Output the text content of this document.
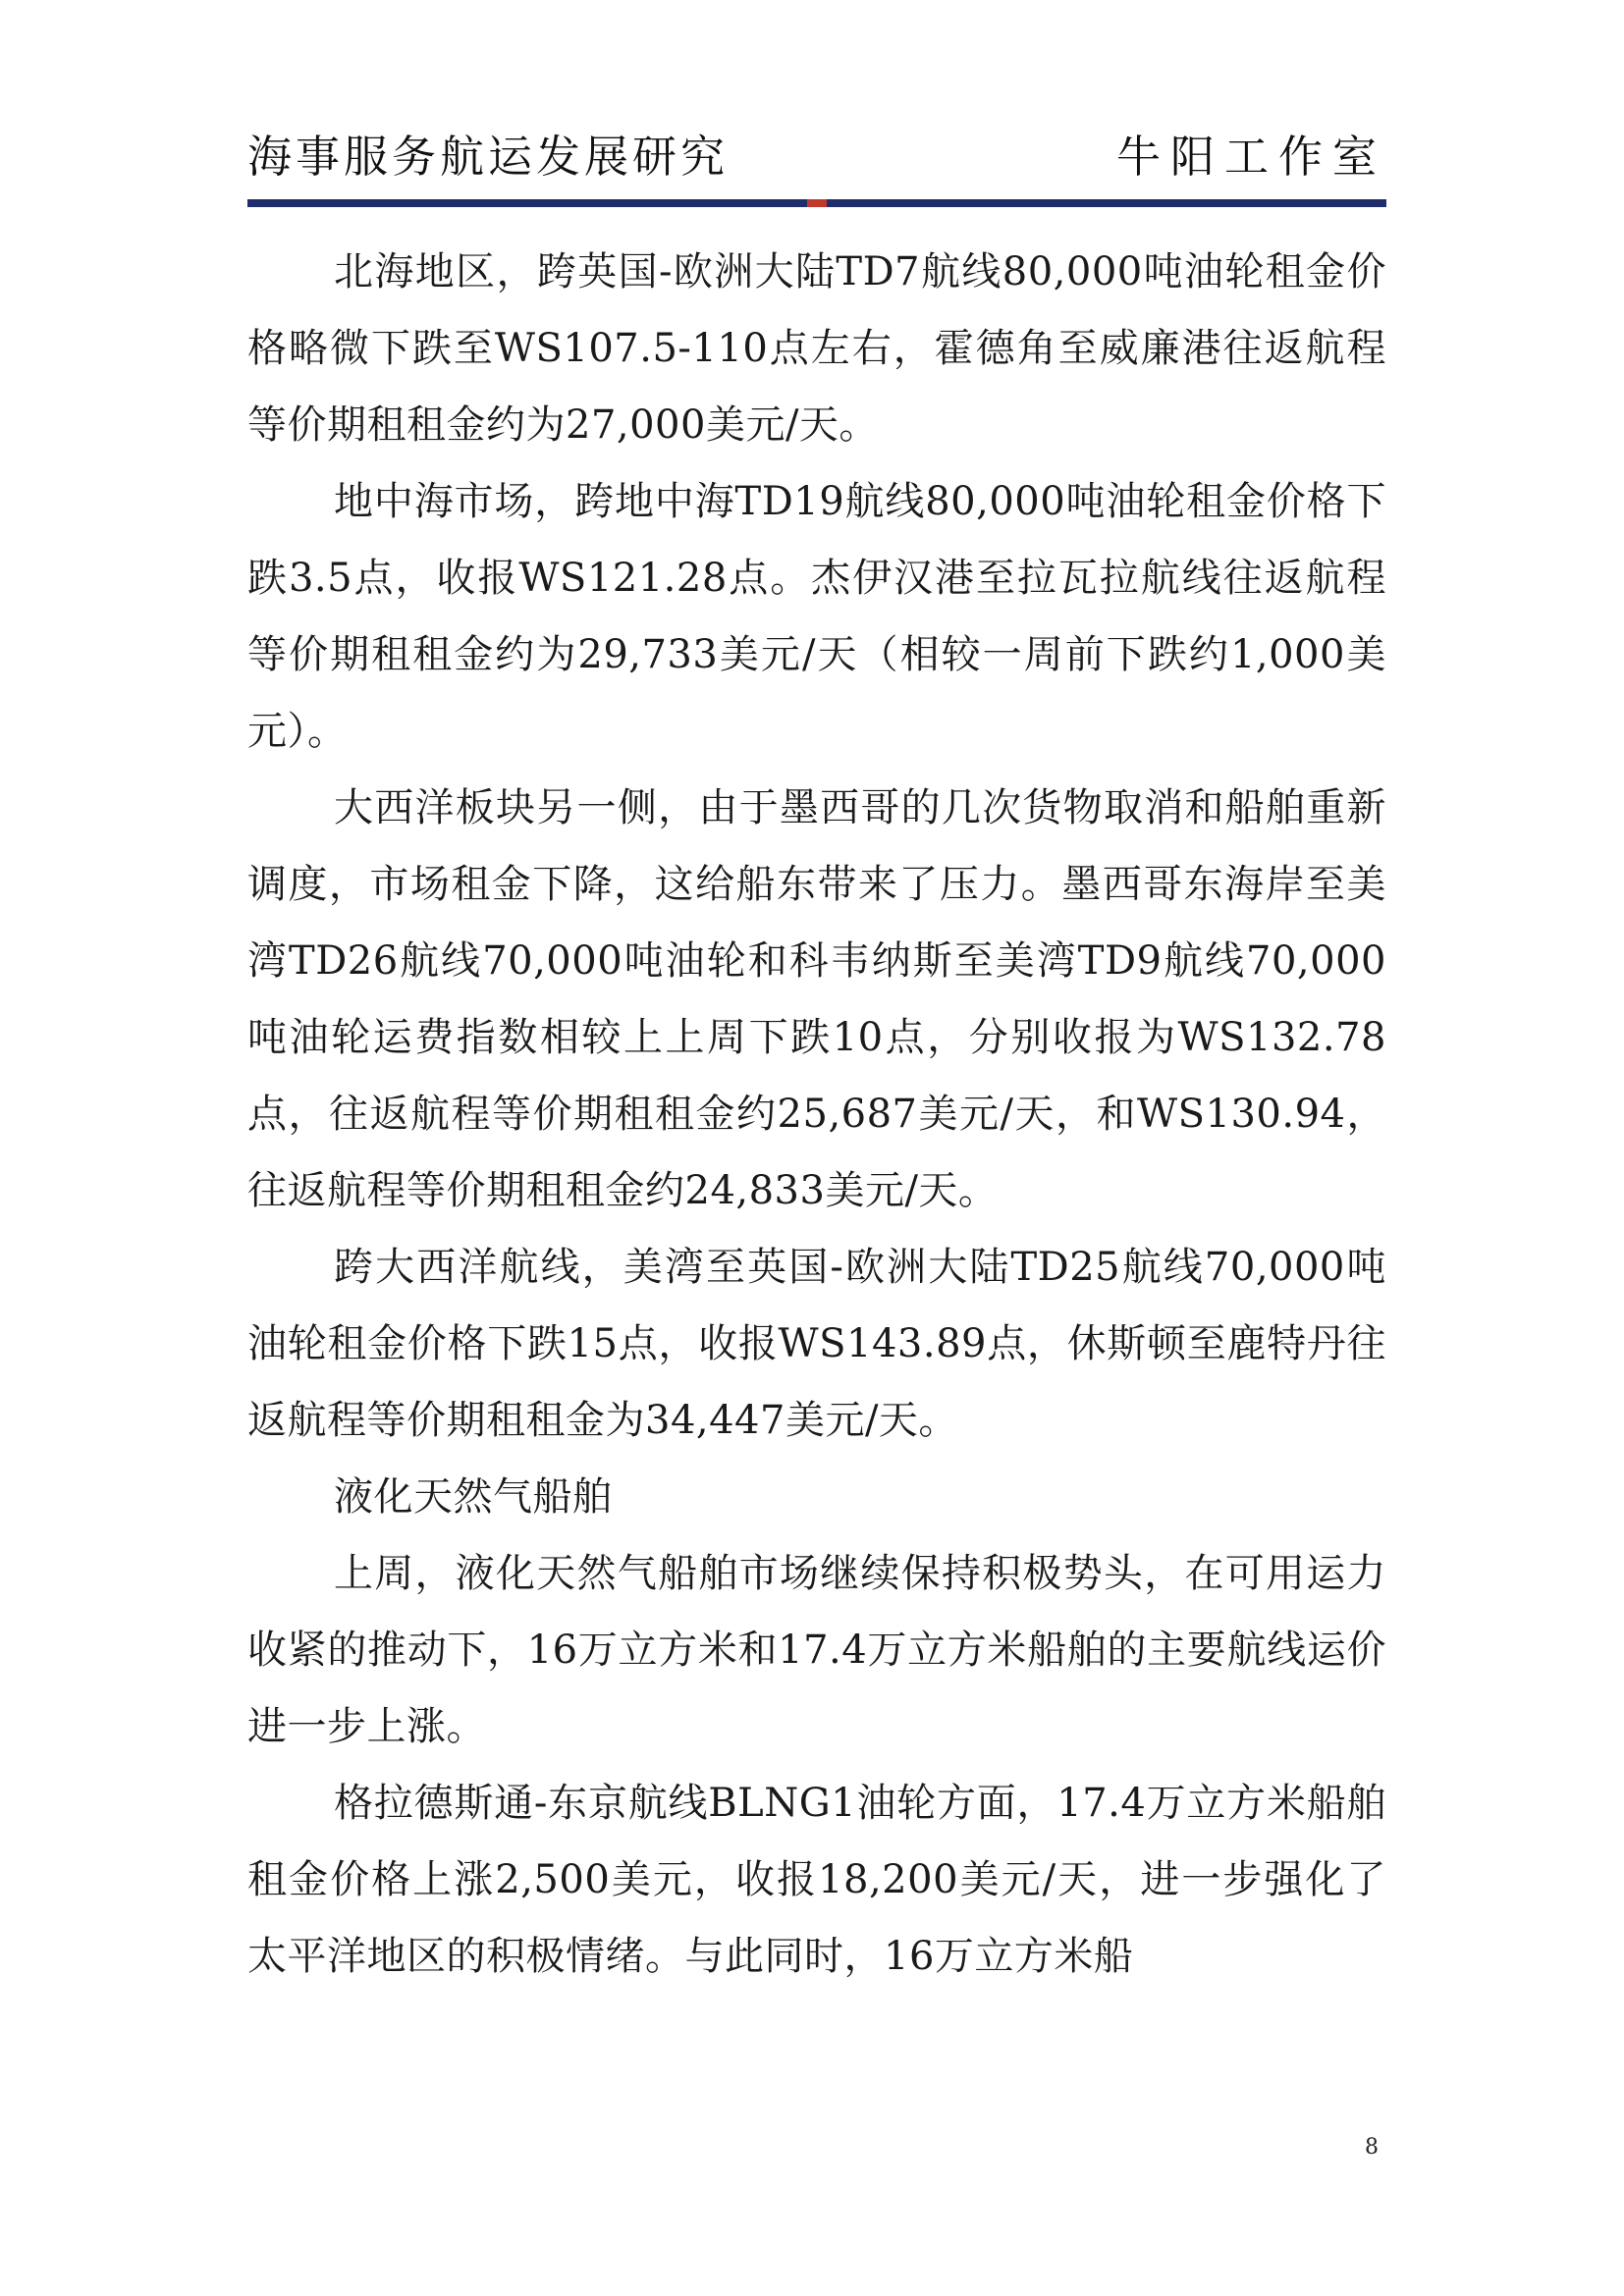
海事服务航运发展研究	牛阳工作室

北海地区，跨英国-欧洲大陆TD7航线80,000吨油轮租金价格略微下跌至WS107.5-110点左右，霍德角至威廉港往返航程等价期租租金约为27,000美元/天。

地中海市场，跨地中海TD19航线80,000吨油轮租金价格下跌3.5点，收报WS121.28点。杰伊汉港至拉瓦拉航线往返航程等价期租租金约为29,733美元/天（相较一周前下跌约1,000美元）。

大西洋板块另一侧，由于墨西哥的几次货物取消和船舶重新调度，市场租金下降，这给船东带来了压力。墨西哥东海岸至美湾TD26航线70,000吨油轮和科韦纳斯至美湾TD9航线70,000吨油轮运费指数相较上上周下跌10点，分别收报为WS132.78点，往返航程等价期租租金约25,687美元/天，和WS130.94，往返航程等价期租租金约24,833美元/天。

跨大西洋航线，美湾至英国-欧洲大陆TD25航线70,000吨油轮租金价格下跌15点，收报WS143.89点，休斯顿至鹿特丹往返航程等价期租租金为34,447美元/天。

液化天然气船舶

上周，液化天然气船舶市场继续保持积极势头，在可用运力收紧的推动下，16万立方米和17.4万立方米船舶的主要航线运价进一步上涨。

格拉德斯通-东京航线BLNG1油轮方面，17.4万立方米船舶租金价格上涨2,500美元，收报18,200美元/天，进一步强化了太平洋地区的积极情绪。与此同时，16万立方米船

8
